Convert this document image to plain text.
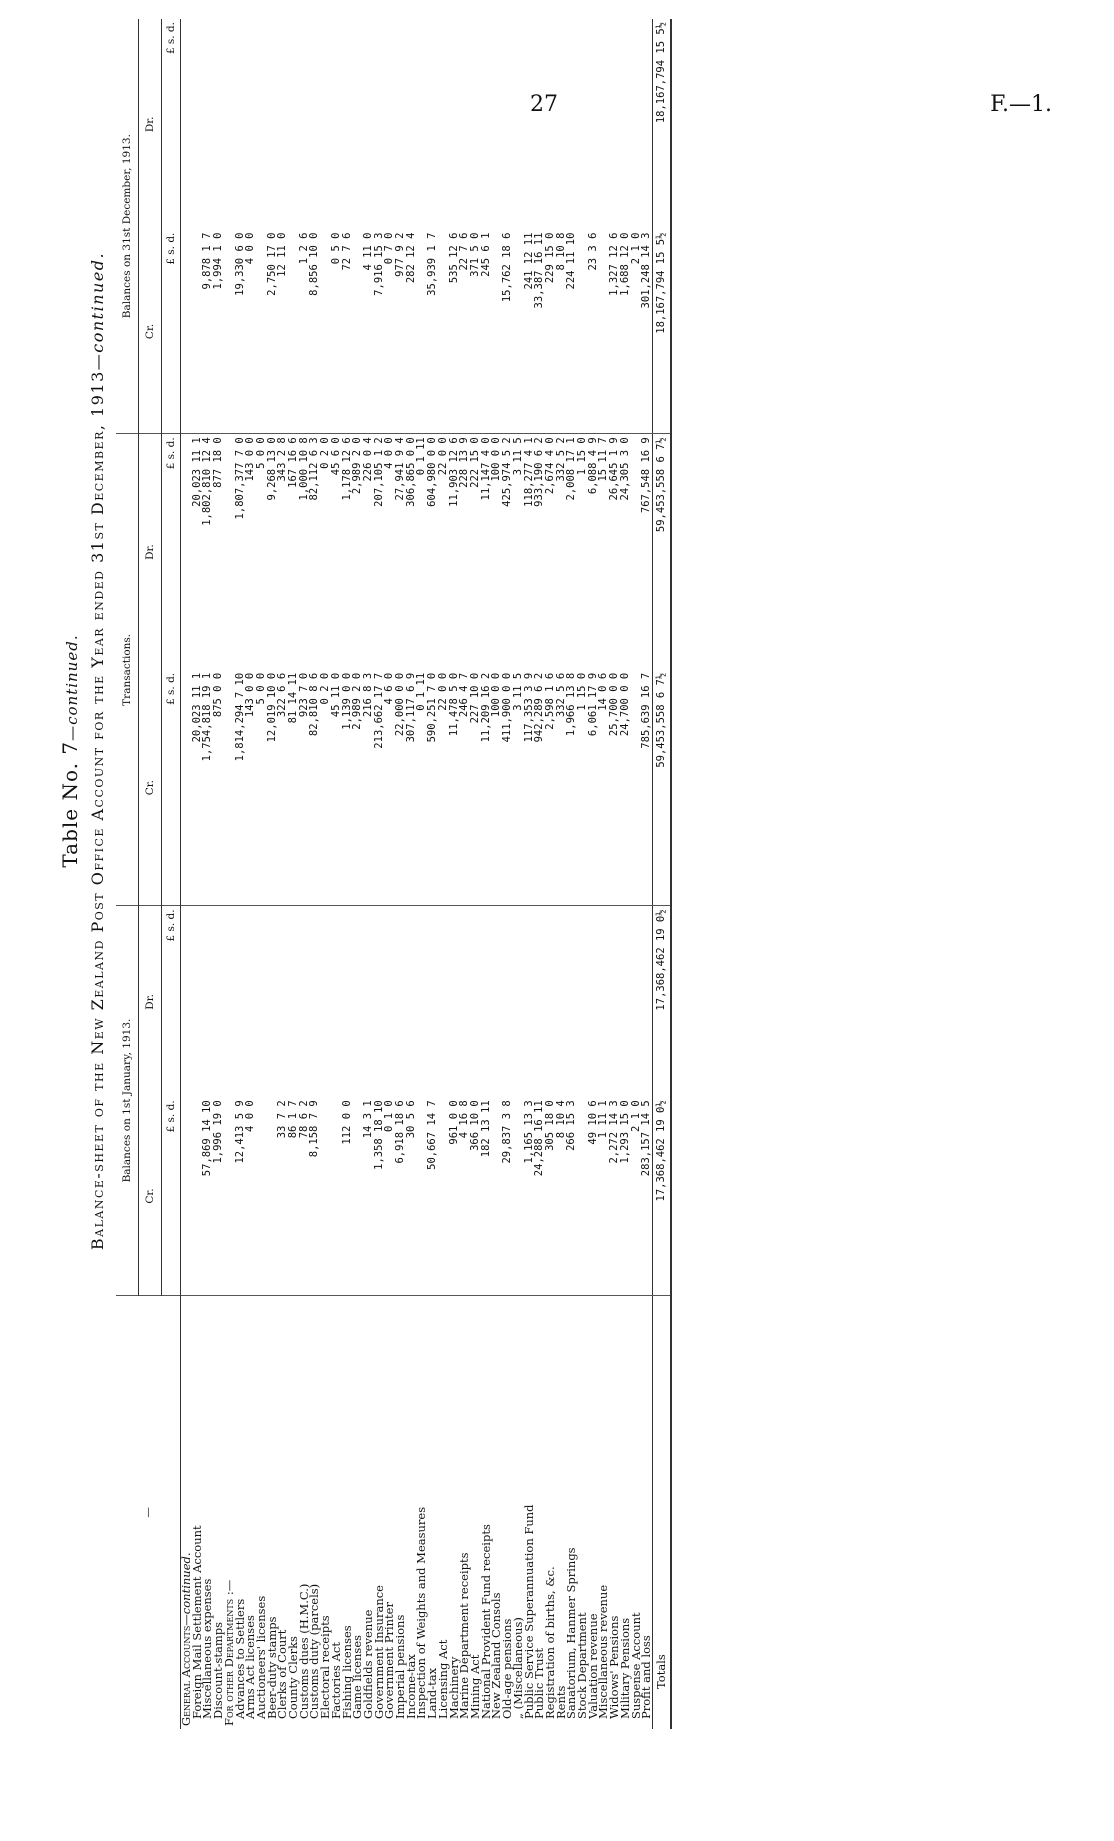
27	F.—1.
Table No. 7—continued. Balance-sheet of the New Zealand Post Office Account for the Year ended 31st December, 1913—continued.
—	Balances on 1st January, 1913.		Transactions.		Balances on 31st December, 1913.	
	Cr.	Dr.	Cr.	Dr.	Cr.	Dr.
	£ s. d.	£ s. d.	£ s. d.	£ s. d.	£ s. d.	£ s. d.
General Accounts—continued.						
Foreign Mail Settlement Account			20,023 11 1	20,023 11 1		
Miscellaneous expenses	57,869 14 10		1,754,818 19 1	1,802,810 12 4	9,878 1 7	
Discount-stamps	1,996 19 0		875 0 0	877 18 0	1,994 1 0	
For other Departments :—						
Advances to Settlers	12,413 5 9		1,814,294 7 10	1,807,377 7 0	19,330 6 0	
Arms Act licenses	4 0 0		143 0 0	143 0 0	4 0 0	
Auctioneers' licenses			5 0 0	5 0 0		
Beer-duty stamps			12,019 10 0	9,268 13 0	2,750 17 0	
Clerks of Court	33 7 2		322 6 6	343 2 8	12 11 0	
County Clerks	86 1 7		81 14 11	167 16 6		
Customs dues (H.M.C.)	78 6 2		923 7 0	1,000 10 8	1 2 6	
Customs duty (parcels)	8,158 7 9		82,810 8 6	82,112 6 3	8,856 10 0	
Electoral receipts			0 2 0	0 2 0		
Factories Act			45 11 0	45 6 0	0 5 0	
Fishing licenses	112 0 0		1,139 0 0	1,178 12 6	72 7 6	
Game licenses			2,989 2 0	2,989 2 0		
Goldfields revenue	14 3 1		216 8 3	226 0 4	4 11 0	
Government Insurance	1,358 18 10		213,662 17 7	207,105 1 2	7,916 15 3	
Government Printer	0 1 0		4 6 0	4 0 0	0 7 0	
Imperial pensions	6,918 18 6		22,000 0 0	27,941 9 4	977 9 2	
Income-tax	30 5 6		307,117 6 9	306,865 0 0	282 12 4	
Inspection of Weights and Measures			0 1 11	0 1 11		
Land-tax	50,667 14 7		590,251 7 0	604,980 0 0	35,939 1 7	
Licensing Act			22 0 0	22 0 0		
Machinery	961 0 0		11,478 5 0	11,903 12 6	535 12 6	
Marine Department receipts	4 16 8		246 4 7	228 13 9	22 7 6	
Mining Act	366 10 0		227 10 0	222 15 0	371 5 0	
National Provident Fund receipts	182 13 11		11,209 16 2	11,147 4 0	245 6 1	
New Zealand Consols			100 0 0	100 0 0		
Old-age pensions	29,837 3 8		411,900 0 0	425,974 5 2	15,762 18 6	
„ (Miscellaneous)			3 11 5	3 11 5		
Public Service Superannuation Fund	1,165 13 3		117,353 3 9	118,277 4 1	241 12 11	
Public Trust	24,288 16 11		942,289 6 2	933,190 6 2	33,387 16 11	
Registration of births, &c.	305 18 0		2,598 1 6	2,674 4 0	229 15 0	
Rents	8 10 4		332 5 6	332 5 2	8 10 8	
Sanatorium, Hanmer Springs	266 15 3		1,966 13 8	2,008 17 1	224 11 10	
Stock Department			1 15 0	1 15 0		
Valuation revenue	49 10 6		6,061 17 9	6,088 4 9	23 3 6	
Miscellaneous revenue	1 11 1		14 0 6	15 11 7		
Widows' Pensions	2,272 14 3		25,700 0 0	26,645 1 9	1,327 12 6	
Military Pensions	1,293 15 0		24,700 0 0	24,305 3 0	1,688 12 0	
Suspense Account	2 1 0				2 1 0	
Profit and loss	283,157 14 5		785,639 16 7	767,548 16 9	301,248 14 3	
Totals	17,368,462 19 0½	17,368,462 19 0½	59,453,558 6 7½	59,453,558 6 7½	18,167,794 15 5½	18,167,794 15 5½
